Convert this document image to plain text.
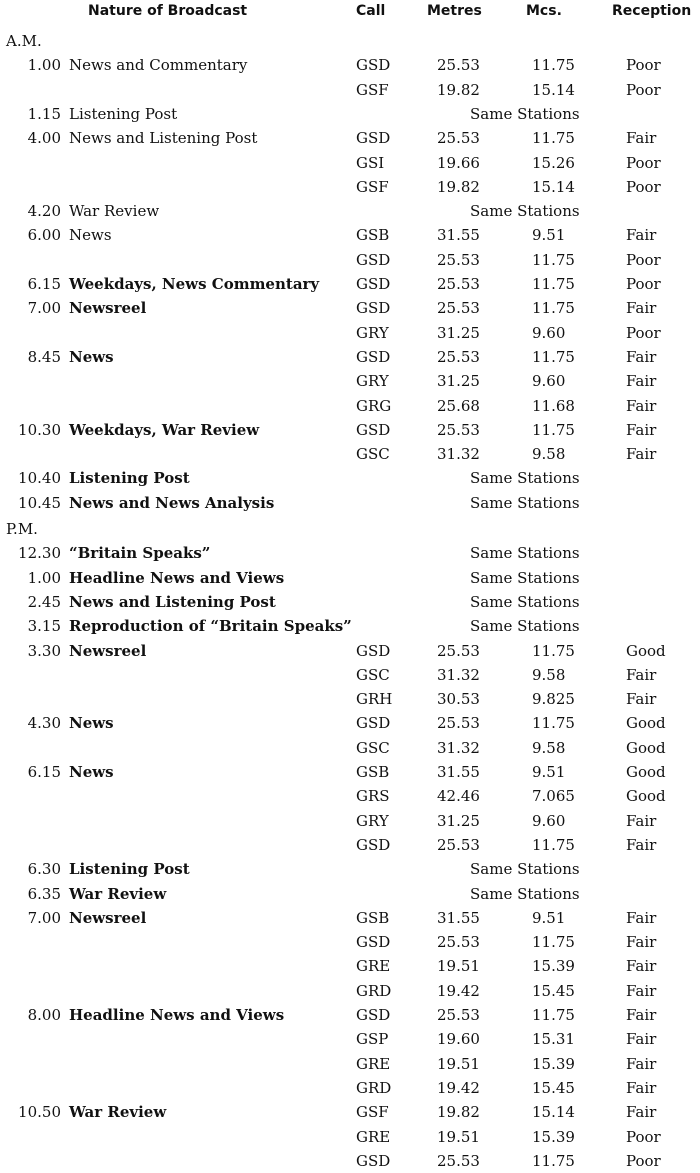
Nature of Broadcast	Call	Metres	Mcs.	Reception
A.M.
1.00 News and Commentary	GSD	25.53	11.75	Poor
GSF	19.82	15.14	Poor
1.15 Listening Post	Same Stations
4.00 News and Listening Post	GSD	25.53	11.75	Fair
GSI	19.66	15.26	Poor
GSF	19.82	15.14	Poor
4.20 War Review	Same Stations
6.00 News	GSB	31.55	9.51	Fair
GSD	25.53	11.75	Poor
6.15 Weekdays, News Commentary GSD	25.53	11.75	Poor
7.00 Newsreel	GSD	25.53	11.75	Fair
GRY	31.25	9.60	Poor
8.45 News	GSD	25.53	11.75	Fair
GRY	31.25	9.60	Fair
GRG	25.68	11.68	Fair
10.30 Weekdays, War Review	GSD	25.53	11.75	Fair
GSC	31.32	9.58	Fair
10.40 Listening Post	Same Stations
10.45 News and News Analysis	Same Stations
P.M.
12.30 “Britain Speaks”	Same Stations
1.00 Headline News and Views	Same Stations
2.45 News and Listening Post	Same Stations
3.15 Reproduction of “Britain Speaks”	Same Stations
3.30 Newsreel	GSD	25.53	11.75	Good
GSC	31.32	9.58	Fair
GRH	30.53	9.825	Fair
4.30 News	GSD	25.53	11.75	Good
GSC	31.32	9.58	Good
6.15 News	GSB	31.55	9.51	Good
GRS	42.46	7.065	Good
GRY	31.25	9.60	Fair
GSD	25.53	11.75	Fair
6.30 Listening Post	Same Stations
6.35 War Review	Same Stations
7.00 Newsreel	GSB	31.55	9.51	Fair
GSD	25.53	11.75	Fair
GRE	19.51	15.39	Fair
GRD	19.42	15.45	Fair
8.00 Headline News and Views	GSD	25.53	11.75	Fair
GSP	19.60	15.31	Fair
GRE	19.51	15.39	Fair
GRD	19.42	15.45	Fair
10.50 War Review	GSF	19.82	15.14	Fair
GRE	19.51	15.39	Poor
GSD	25.53	11.75	Poor
